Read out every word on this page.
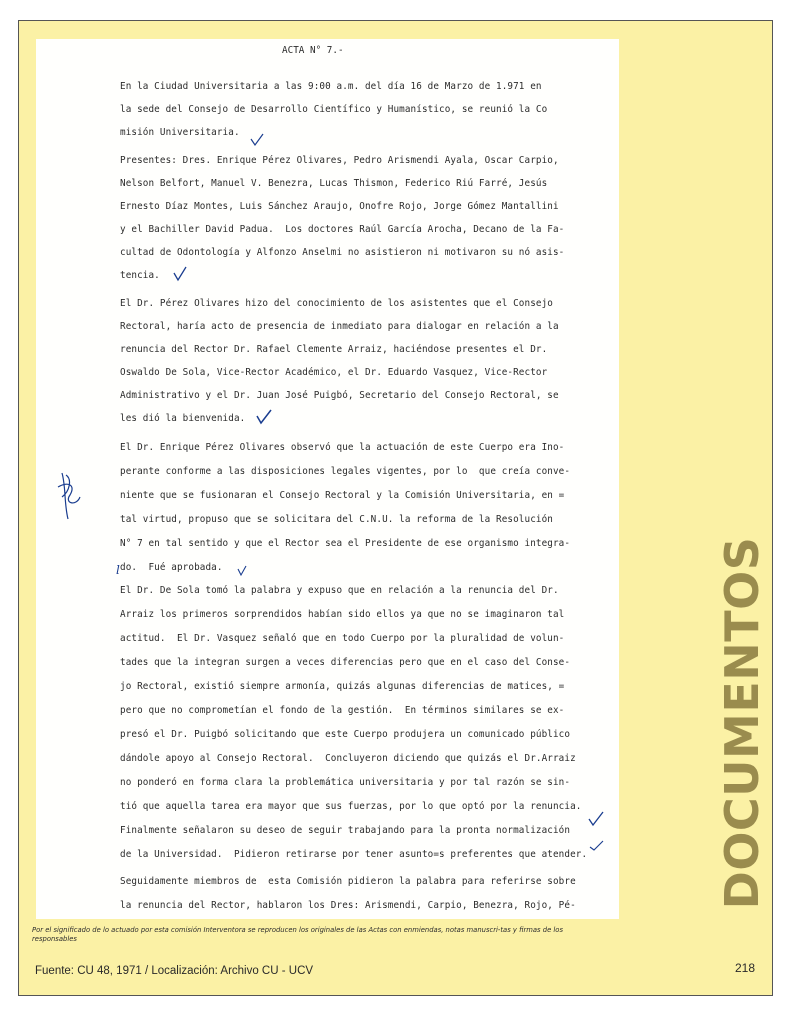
ACTA N° 7.-
En la Ciudad Universitaria a las 9:00 a.m. del día 16 de Marzo de 1.971 en
la sede del Consejo de Desarrollo Científico y Humanístico, se reunió la Co
misión Universitaria.
Presentes: Dres. Enrique Pérez Olivares, Pedro Arismendi Ayala, Oscar Carpio,
Nelson Belfort, Manuel V. Benezra, Lucas Thismon, Federico Riú Farré, Jesús
Ernesto Díaz Montes, Luis Sánchez Araujo, Onofre Rojo, Jorge Gómez Mantallini
y el Bachiller David Padua.  Los doctores Raúl García Arocha, Decano de la Fa-
cultad de Odontología y Alfonzo Anselmi no asistieron ni motivaron su nó asis-
tencia.
El Dr. Pérez Olivares hizo del conocimiento de los asistentes que el Consejo
Rectoral, haría acto de presencia de inmediato para dialogar en relación a la
renuncia del Rector Dr. Rafael Clemente Arraiz, haciéndose presentes el Dr.
Oswaldo De Sola, Vice-Rector Académico, el Dr. Eduardo Vasquez, Vice-Rector
Administrativo y el Dr. Juan José Puigbó, Secretario del Consejo Rectoral, se
les dió la bienvenida.
El Dr. Enrique Pérez Olivares observó que la actuación de este Cuerpo era Ino-
perante conforme a las disposiciones legales vigentes, por lo  que creía conve-
niente que se fusionaran el Consejo Rectoral y la Comisión Universitaria, en =
tal virtud, propuso que se solicitara del C.N.U. la reforma de la Resolución
N° 7 en tal sentido y que el Rector sea el Presidente de ese organismo integra-
do.  Fué aprobada.
El Dr. De Sola tomó la palabra y expuso que en relación a la renuncia del Dr.
Arraiz los primeros sorprendidos habían sido ellos ya que no se imaginaron tal
actitud.  El Dr. Vasquez señaló que en todo Cuerpo por la pluralidad de volun-
tades que la integran surgen a veces diferencias pero que en el caso del Conse-
jo Rectoral, existió siempre armonía, quizás algunas diferencias de matices, =
pero que no comprometían el fondo de la gestión.  En términos similares se ex-
presó el Dr. Puigbó solicitando que este Cuerpo produjera un comunicado público
dándole apoyo al Consejo Rectoral.  Concluyeron diciendo que quizás el Dr.Arraiz
no ponderó en forma clara la problemática universitaria y por tal razón se sin-
tió que aquella tarea era mayor que sus fuerzas, por lo que optó por la renuncia.
Finalmente señalaron su deseo de seguir trabajando para la pronta normalización
de la Universidad.  Pidieron retirarse por tener asunto=s preferentes que atender.
Seguidamente miembros de  esta Comisión pidieron la palabra para referirse sobre
la renuncia del Rector, hablaron los Dres: Arismendi, Carpio, Benezra, Rojo, Pé-
l	DOCUMENTOS
Por el significado de lo actuado por esta comisión Interventora se reproducen los originales de las Actas con enmiendas, notas manuscri-tas y firmas de los responsables
Fuente: CU 48, 1971 / Localización: Archivo CU - UCV	218
